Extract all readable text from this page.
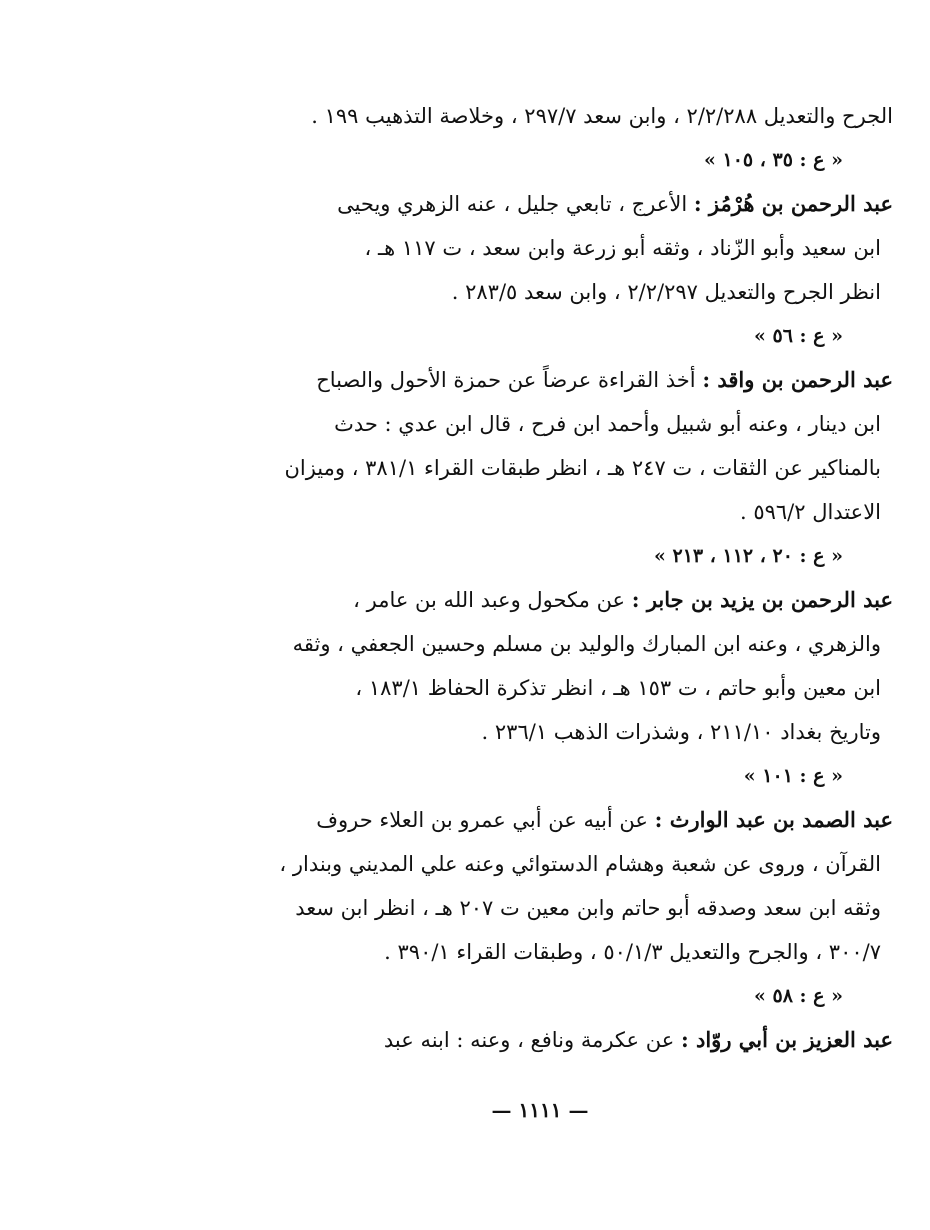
الجرح والتعديل ٢/٢/٢٨٨ ، وابن سعد ٢٩٧/٧ ، وخلاصة التذهيب ١٩٩ .
« ع : ٣٥ ، ١٠٥ »
عبد الرحمن بن هُرْمُز : الأعرج ، تابعي جليل ، عنه الزهري ويحيى
ابن سعيد وأبو الزّناد ، وثقه أبو زرعة وابن سعد ، ت ١١٧ هـ ،
انظر الجرح والتعديل ٢/٢/٢٩٧ ، وابن سعد ٢٨٣/٥ .
« ع : ٥٦ »
عبد الرحمن بن واقد : أخذ القراءة عرضاً عن حمزة الأحول والصباح
ابن دينار ، وعنه أبو شبيل وأحمد ابن فرح ، قال ابن عدي : حدث
بالمناكير عن الثقات ، ت ٢٤٧ هـ ، انظر طبقات القراء ٣٨١/١ ، وميزان
الاعتدال ٥٩٦/٢ .
« ع : ٢٠ ، ١١٢ ، ٢١٣ »
عبد الرحمن بن يزيد بن جابر : عن مكحول وعبد الله بن عامر ،
والزهري ، وعنه ابن المبارك والوليد بن مسلم وحسين الجعفي ، وثقه
ابن معين وأبو حاتم ، ت ١٥٣ هـ ، انظر تذكرة الحفاظ ١٨٣/١ ،
وتاريخ بغداد ٢١١/١٠ ، وشذرات الذهب ٢٣٦/١ .
« ع : ١٠١ »
عبد الصمد بن عبد الوارث : عن أبيه عن أبي عمرو بن العلاء حروف
القرآن ، وروى عن شعبة وهشام الدستوائي وعنه علي المديني وبندار ،
وثقه ابن سعد وصدقه أبو حاتم وابن معين ت ٢٠٧ هـ ، انظر ابن سعد
٣٠٠/٧ ، والجرح والتعديل ٥٠/١/٣ ، وطبقات القراء ٣٩٠/١ .
« ع : ٥٨ »
عبد العزيز بن أبي روّاد : عن عكرمة ونافع ، وعنه : ابنه عبد
— ١١١١ —
